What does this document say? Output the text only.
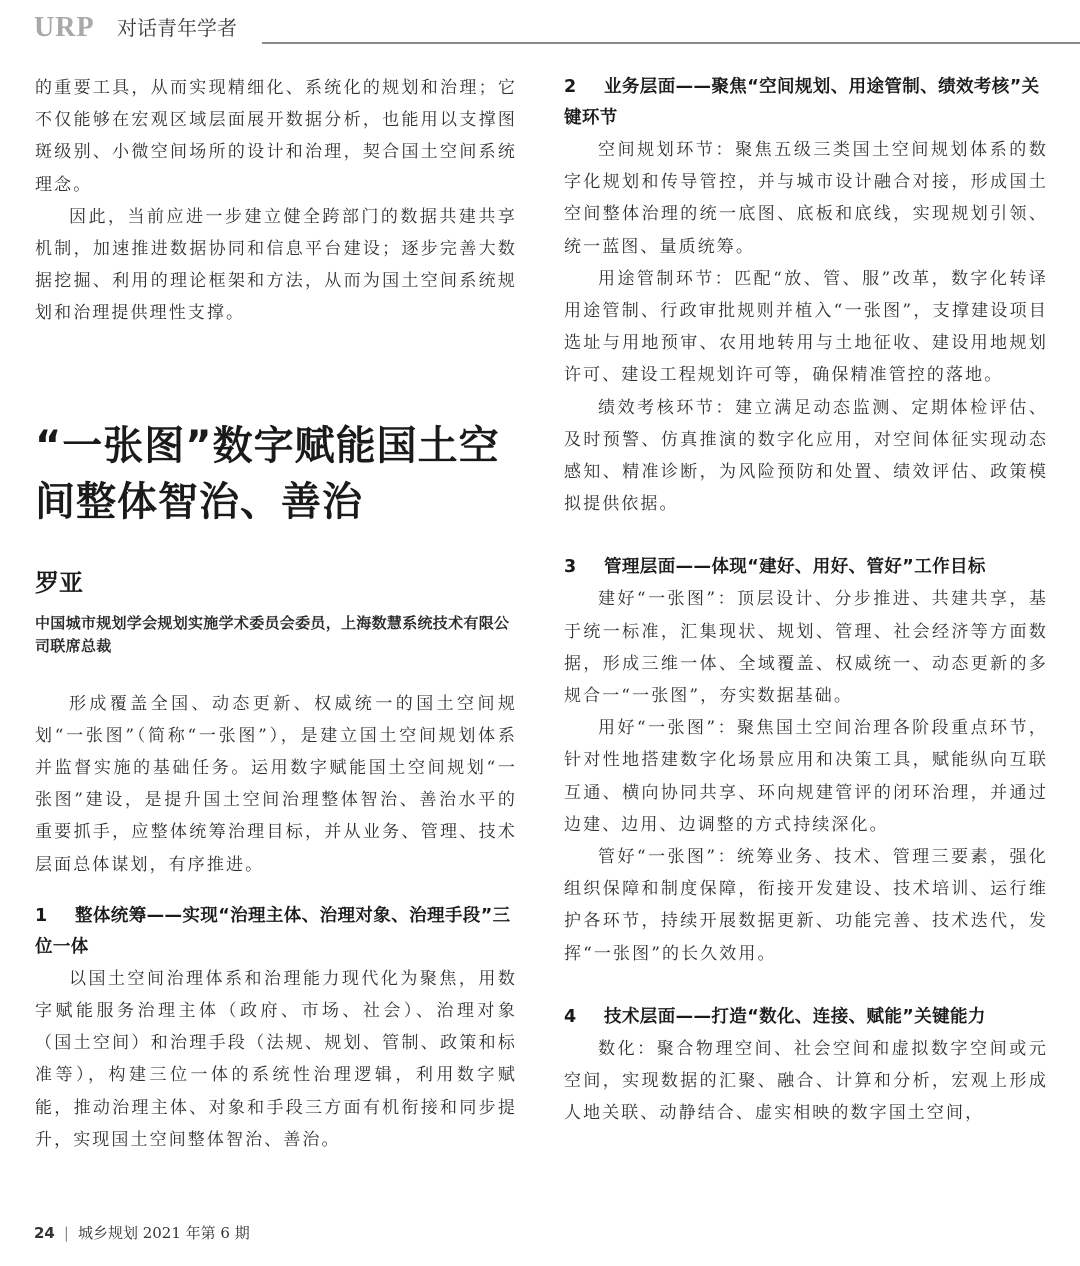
URP 对话青年学者

的重要工具，从而实现精细化、系统化的规划和治理；它不仅能够在宏观区域层面展开数据分析，也能用以支撑图斑级别、小微空间场所的设计和治理，契合国土空间系统理念。

因此，当前应进一步建立健全跨部门的数据共建共享机制，加速推进数据协同和信息平台建设；逐步完善大数据挖掘、利用的理论框架和方法，从而为国土空间系统规划和治理提供理性支撑。

“一张图”数字赋能国土空间整体智治、善治
罗亚
中国城市规划学会规划实施学术委员会委员，上海数慧系统技术有限公司联席总裁

形成覆盖全国、动态更新、权威统一的国土空间规划“一张图”（简称“一张图”），是建立国土空间规划体系并监督实施的基础任务。运用数字赋能国土空间规划“一张图”建设，是提升国土空间治理整体智治、善治水平的重要抓手，应整体统筹治理目标，并从业务、管理、技术层面总体谋划，有序推进。

1 整体统筹——实现“治理主体、治理对象、治理手段”三位一体

以国土空间治理体系和治理能力现代化为聚焦，用数字赋能服务治理主体（政府、市场、社会）、治理对象（国土空间）和治理手段（法规、规划、管制、政策和标准等），构建三位一体的系统性治理逻辑，利用数字赋能，推动治理主体、对象和手段三方面有机衔接和同步提升，实现国土空间整体智治、善治。

2 业务层面——聚焦“空间规划、用途管制、绩效考核”关键环节

空间规划环节：聚焦五级三类国土空间规划体系的数字化规划和传导管控，并与城市设计融合对接，形成国土空间整体治理的统一底图、底板和底线，实现规划引领、统一蓝图、量质统筹。

用途管制环节：匹配“放、管、服”改革，数字化转译用途管制、行政审批规则并植入“一张图”，支撑建设项目选址与用地预审、农用地转用与土地征收、建设用地规划许可、建设工程规划许可等，确保精准管控的落地。

绩效考核环节：建立满足动态监测、定期体检评估、及时预警、仿真推演的数字化应用，对空间体征实现动态感知、精准诊断，为风险预防和处置、绩效评估、政策模拟提供依据。

3 管理层面——体现“建好、用好、管好”工作目标

建好“一张图”：顶层设计、分步推进、共建共享，基于统一标准，汇集现状、规划、管理、社会经济等方面数据，形成三维一体、全域覆盖、权威统一、动态更新的多规合一“一张图”，夯实数据基础。

用好“一张图”：聚焦国土空间治理各阶段重点环节，针对性地搭建数字化场景应用和决策工具，赋能纵向互联互通、横向协同共享、环向规建管评的闭环治理，并通过边建、边用、边调整的方式持续深化。

管好“一张图”：统筹业务、技术、管理三要素，强化组织保障和制度保障，衔接开发建设、技术培训、运行维护各环节，持续开展数据更新、功能完善、技术迭代，发挥“一张图”的长久效用。

4 技术层面——打造“数化、连接、赋能”关键能力

数化：聚合物理空间、社会空间和虚拟数字空间或元空间，实现数据的汇聚、融合、计算和分析，宏观上形成人地关联、动静结合、虚实相映的数字国土空间，

24 | 城乡规划 2021 年第 6 期
